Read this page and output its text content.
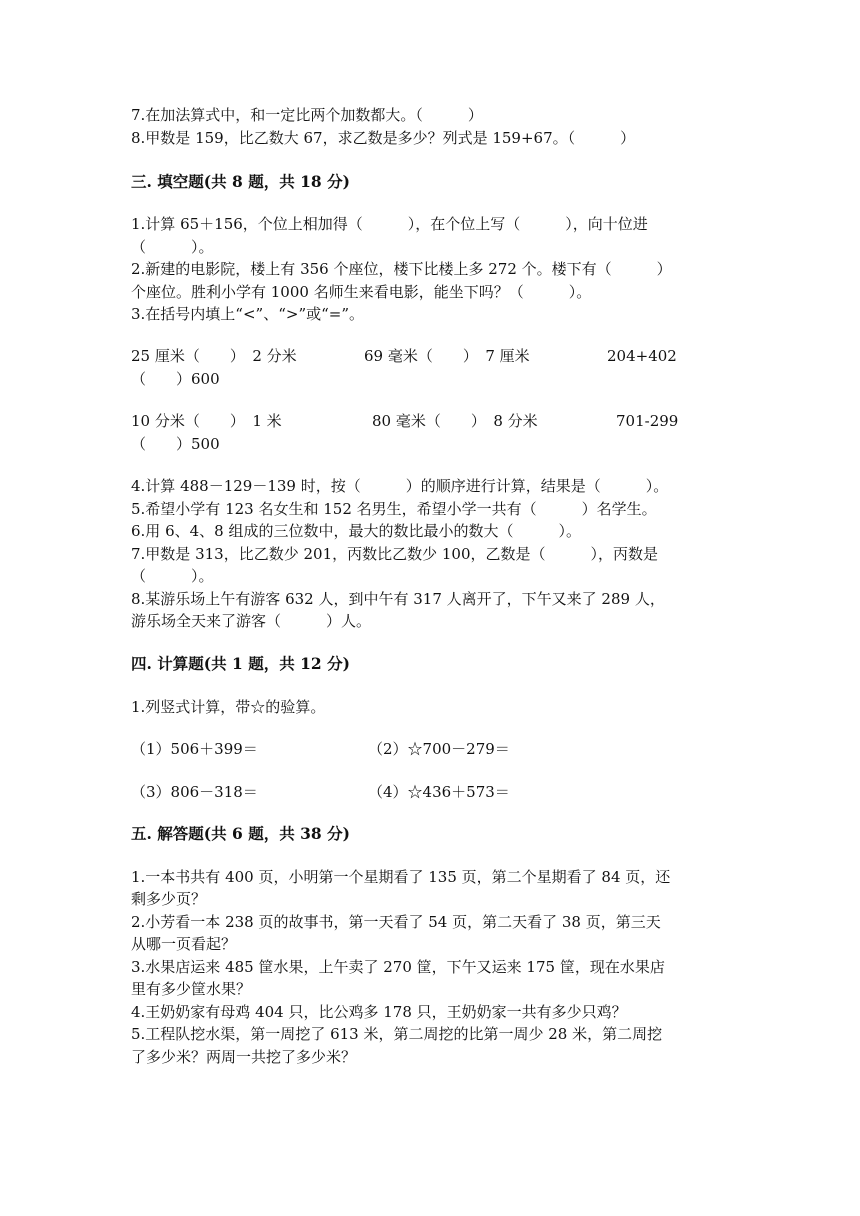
7.在加法算式中，和一定比两个加数都大。（　　　）
8.甲数是 159，比乙数大 67，求乙数是多少？列式是 159+67。（　　　）
三. 填空题(共 8 题，共 18 分)
1.计算 65＋156，个位上相加得（　　　），在个位上写（　　　），向十位进
（　　　）。
2.新建的电影院，楼上有 356 个座位，楼下比楼上多 272 个。楼下有（　　　）
个座位。胜利小学有 1000 名师生来看电影，能坐下吗？（　　　）。
3.在括号内填上“<”、“>”或“=”。
25 厘米（　　）　2 分米	69 毫米（　　）　7 厘米	204+402
（　　）600
10 分米（　　）　1 米	80 毫米（　　）　8 分米	701-299
（　　）500
4.计算 488－129－139 时，按（　　　）的顺序进行计算，结果是（　　　）。
5.希望小学有 123 名女生和 152 名男生，希望小学一共有（　　　）名学生。
6.用 6、4、8 组成的三位数中，最大的数比最小的数大（　　　）。
7.甲数是 313，比乙数少 201，丙数比乙数少 100，乙数是（　　　），丙数是
（　　　）。
8.某游乐场上午有游客 632 人，到中午有 317 人离开了，下午又来了 289 人，
游乐场全天来了游客（　　　）人。
四. 计算题(共 1 题，共 12 分)
1.列竖式计算，带☆的验算。
（1）506＋399＝	（2）☆700－279＝
（3）806－318＝	（4）☆436＋573＝
五. 解答题(共 6 题，共 38 分)
1.一本书共有 400 页，小明第一个星期看了 135 页，第二个星期看了 84 页，还
剩多少页？
2.小芳看一本 238 页的故事书，第一天看了 54 页，第二天看了 38 页，第三天
从哪一页看起？
3.水果店运来 485 筐水果，上午卖了 270 筐，下午又运来 175 筐，现在水果店
里有多少筐水果？
4.王奶奶家有母鸡 404 只，比公鸡多 178 只，王奶奶家一共有多少只鸡？
5.工程队挖水渠，第一周挖了 613 米，第二周挖的比第一周少 28 米，第二周挖
了多少米？两周一共挖了多少米？
